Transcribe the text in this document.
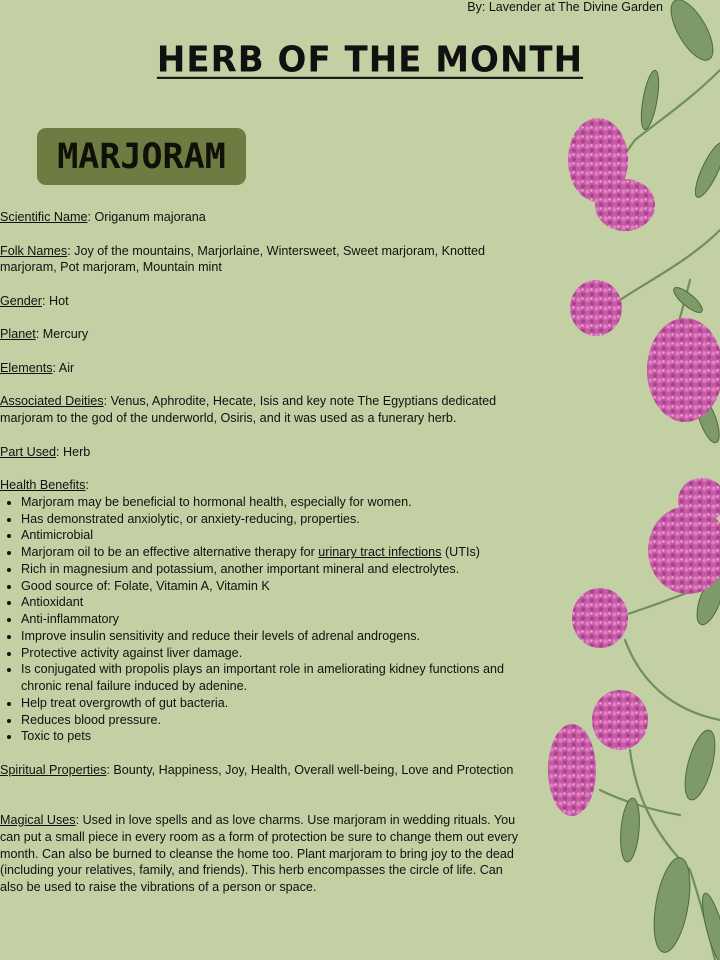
By: Lavender at The Divine Garden
HERB OF THE MONTH
MARJORAM

Scientific Name: Origanum majorana

Folk Names: Joy of the mountains, Marjorlaine, Wintersweet, Sweet marjoram, Knotted marjoram, Pot marjoram, Mountain mint

Gender: Hot

Planet: Mercury

Elements: Air

Associated Deities: Venus, Aphrodite, Hecate, Isis and key note The Egyptians dedicated marjoram to the god of the underworld, Osiris, and it was used as a funerary herb.

Part Used: Herb

Health Benefits:
• Marjoram may be beneficial to hormonal health, especially for women.
• Has demonstrated anxiolytic, or anxiety-reducing, properties.
• Antimicrobial
• Marjoram oil to be an effective alternative therapy for urinary tract infections (UTIs)
• Rich in magnesium and potassium, another important mineral and electrolytes.
• Good source of: Folate, Vitamin A, Vitamin K
• Antioxidant
• Anti-inflammatory
• Improve insulin sensitivity and reduce their levels of adrenal androgens.
• Protective activity against liver damage.
• Is conjugated with propolis plays an important role in ameliorating kidney functions and chronic renal failure induced by adenine.
• Help treat overgrowth of gut bacteria.
• Reduces blood pressure.
• Toxic to pets

Spiritual Properties: Bounty, Happiness, Joy, Health, Overall well-being, Love and Protection

Magical Uses: Used in love spells and as love charms. Use marjoram in wedding rituals. You can put a small piece in every room as a form of protection be sure to change them out every month. Can also be burned to cleanse the home too. Plant marjoram to bring joy to the dead (including your relatives, family, and friends). This herb encompasses the circle of life. Can also be used to raise the vibrations of a person or space.
